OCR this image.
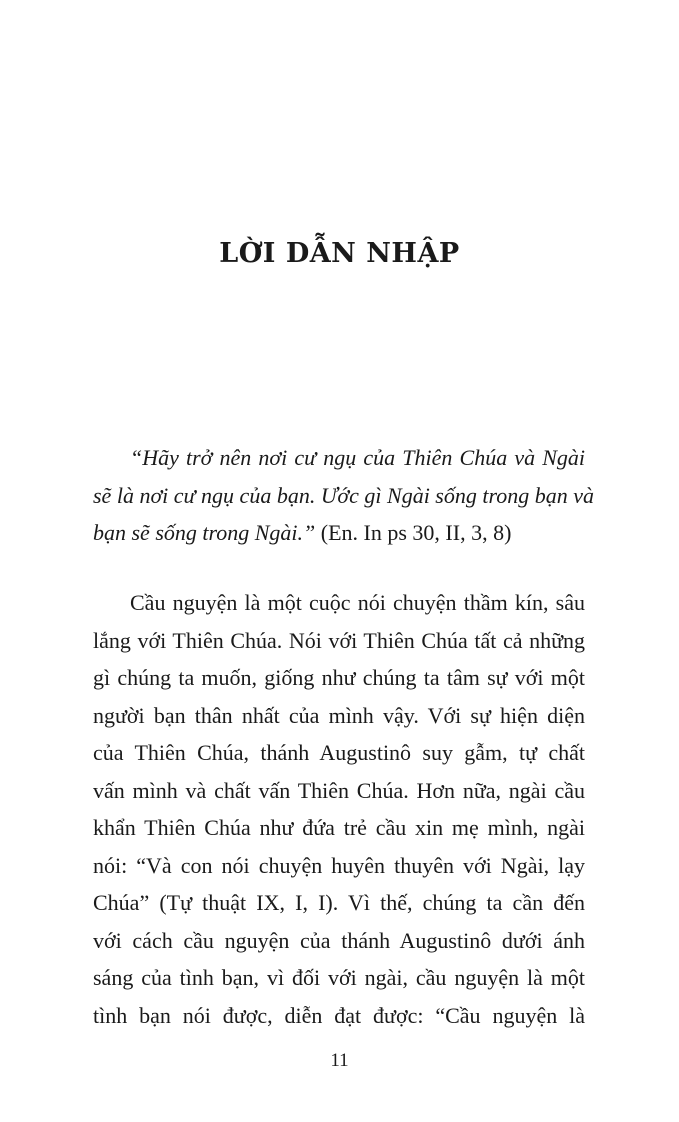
LỜI DẪN NHẬP
“Hãy trở nên nơi cư ngụ của Thiên Chúa và Ngài
sẽ là nơi cư ngụ của bạn. Ước gì Ngài sống trong bạn và
bạn sẽ sống trong Ngài.” (En. In ps 30, II, 3, 8)
Cầu nguyện là một cuộc nói chuyện thầm kín, sâu
lắng với Thiên Chúa. Nói với Thiên Chúa tất cả những
gì chúng ta muốn, giống như chúng ta tâm sự với một
người bạn thân nhất của mình vậy. Với sự hiện diện
của Thiên Chúa, thánh Augustinô suy gẫm, tự chất
vấn mình và chất vấn Thiên Chúa. Hơn nữa, ngài cầu
khẩn Thiên Chúa như đứa trẻ cầu xin mẹ mình, ngài
nói: “Và con nói chuyện huyên thuyên với Ngài, lạy
Chúa” (Tự thuật IX, I, I). Vì thế, chúng ta cần đến
với cách cầu nguyện của thánh Augustinô dưới ánh
sáng của tình bạn, vì đối với ngài, cầu nguyện là một
tình bạn nói được, diễn đạt được: “Cầu nguyện là
11
